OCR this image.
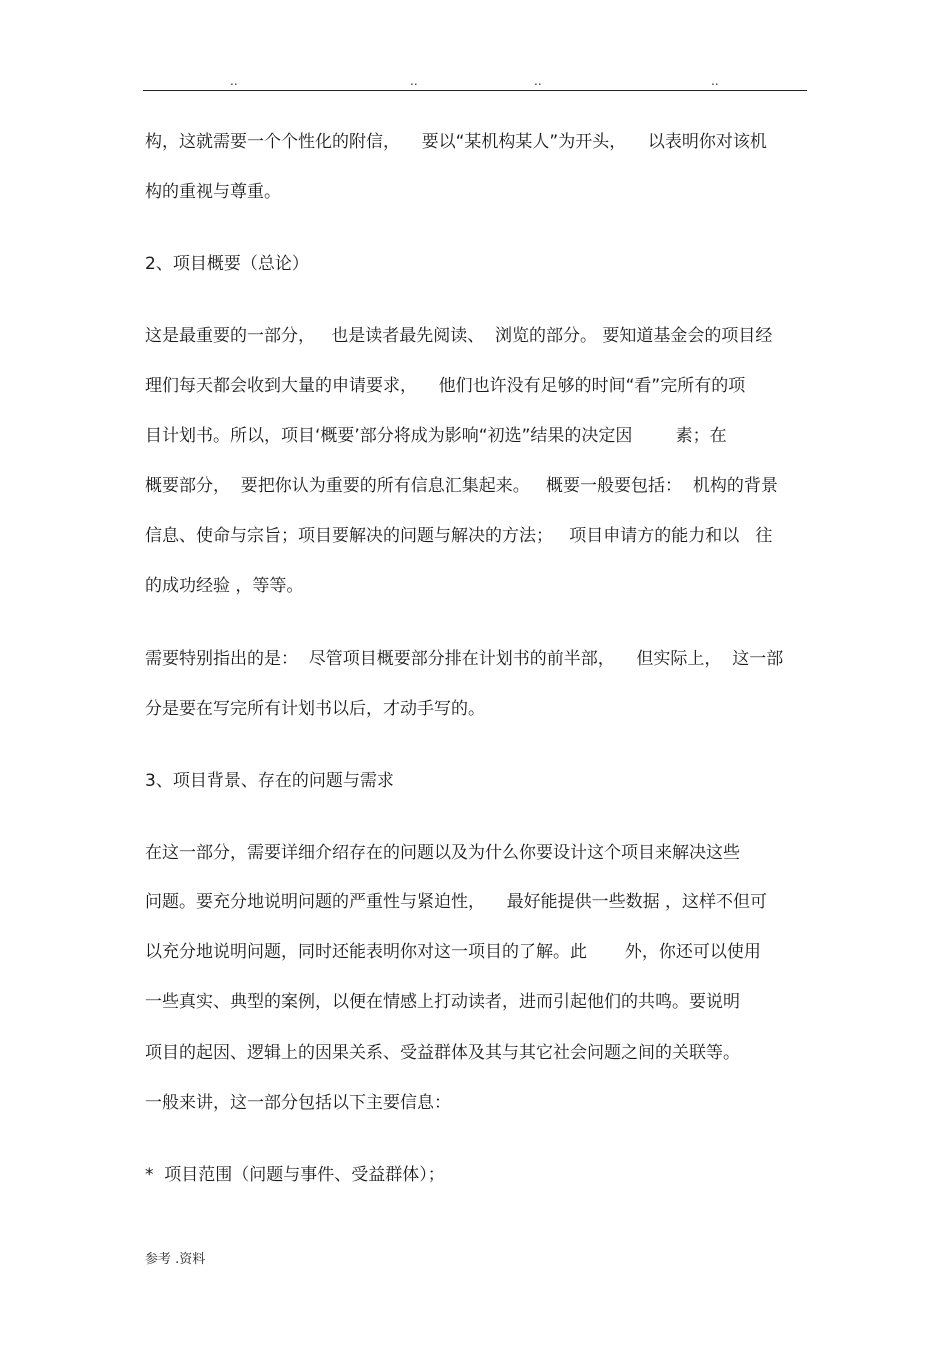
..	..	..	..
构，这就需要一个个性化的附信，    要以“某机构某人”为开头，    以表明你对该机
构的重视与尊重。
2、项目概要（总论）
这是最重要的一部分，   也是读者最先阅读、  浏览的部分。 要知道基金会的项目经
理们每天都会收到大量的申请要求，    他们也许没有足够的时间“看”完所有的项
目计划书。所以，项目‘概要’部分将成为影响“初选”结果的决定因        素；在
概要部分，  要把你认为重要的所有信息汇集起来。   概要一般要包括：  机构的背景
信息、使命与宗旨；项目要解决的问题与解决的方法；   项目申请方的能力和以   往
的成功经验 ，等等。
需要特别指出的是：  尽管项目概要部分排在计划书的前半部，    但实际上，  这一部
分是要在写完所有计划书以后，才动手写的。
3、项目背景、存在的问题与需求
在这一部分，需要详细介绍存在的问题以及为什么你要设计这个项目来解决这些
问题。要充分地说明问题的严重性与紧迫性，    最好能提供一些数据 ，这样不但可
以充分地说明问题，同时还能表明你对这一项目的了解。此       外，你还可以使用
一些真实、典型的案例，以便在情感上打动读者，进而引起他们的共鸣。要说明
项目的起因、逻辑上的因果关系、受益群体及其与其它社会问题之间的关联等。
一般来讲，这一部分包括以下主要信息：
*  项目范围（问题与事件、受益群体）；
参考 .资料
